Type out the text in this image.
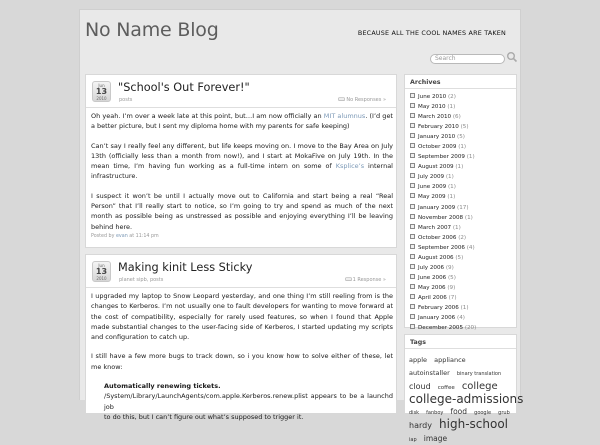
No Name Blog	BECAUSE ALL THE COOL NAMES ARE TAKEN
Search
Jun
13
2010
"School's Out Forever!"
posts	No Responses »

Oh yeah. I’m over a week late at this point, but…I am now officially an MIT alumnus. (I’d get a better picture, but I sent my diploma home with my parents for safe keeping)

Can’t say I really feel any different, but life keeps moving on. I move to the Bay Area on July 13th (officially less than a month from now!), and I start at MokaFive on July 19th. In the mean time, I’m having fun working as a full-time intern on some of Ksplice’s internal infrastructure.

I suspect it won’t be until I actually move out to California and start being a real “Real Person” that I’ll really start to notice, so I’m going to try and spend as much of the next month as possible being as unstressed as possible and enjoying everything I’ll be leaving behind here.

Posted by evan at 11:14 pm
Jun
13
2010
Making kinit Less Sticky
planet sipb, posts	1 Response »

I upgraded my laptop to Snow Leopard yesterday, and one thing I’m still reeling from is the changes to Kerberos. I’m not usually one to fault developers for wanting to move forward at the cost of compatibility, especially for rarely used features, so when I found that Apple made substantial changes to the user-facing side of Kerberos, I started updating my scripts and configuration to catch up.

I still have a few more bugs to track down, so i you know how to solve either of these, let me know:

Automatically renewing tickets.
/System/Library/LaunchAgents/com.apple.Kerberos.renew.plist appears to be a launchd job
to do this, but I can’t figure out what’s supposed to trigger it.
Archives
June 2010 (2)
May 2010 (1)
March 2010 (6)
February 2010 (5)
January 2010 (5)
October 2009 (1)
September 2009 (1)
August 2009 (1)
July 2009 (1)
June 2009 (1)
May 2009 (1)
January 2009 (17)
November 2008 (1)
March 2007 (1)
October 2006 (2)
September 2006 (4)
August 2006 (5)
July 2006 (9)
June 2006 (5)
May 2006 (9)
April 2006 (7)
February 2006 (1)
January 2006 (4)
December 2005 (20)
Tags
apple appliance autoinstaller binary translation cloud coffee college college-admissions disk fanboy food google grub hardy high-school iap image
